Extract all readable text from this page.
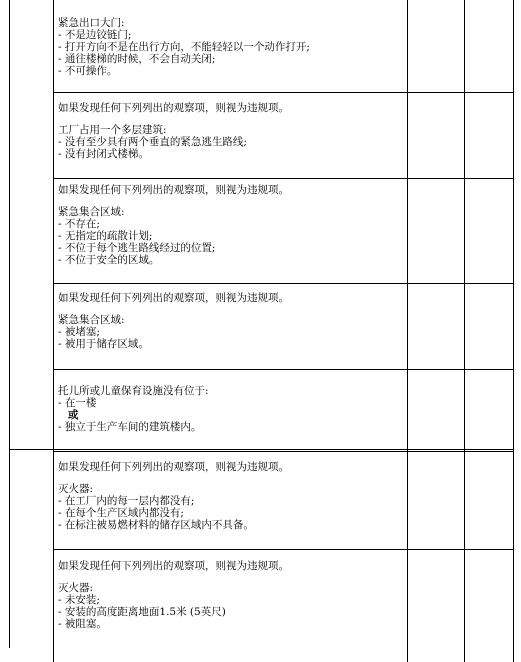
紧急出口大门:

- 不是边铰链门;

- 打开方向不是在出行方向，不能轻轻以一个动作打开;

- 通往楼梯的时候，不会自动关闭;

- 不可操作。

如果发现任何下列列出的观察项，则视为违规项。

工厂占用一个多层建筑:

- 没有至少具有两个垂直的紧急逃生路线;

- 没有封闭式楼梯。

如果发现任何下列列出的观察项，则视为违规项。

紧急集合区域:

- 不存在;

- 无指定的疏散计划;

- 不位于每个逃生路线经过的位置;

- 不位于安全的区域。

如果发现任何下列列出的观察项，则视为违规项。

紧急集合区域:

- 被堵塞;

- 被用于储存区域。

托儿所或儿童保育设施没有位于:

- 在一楼

或

- 独立于生产车间的建筑楼内。

如果发现任何下列列出的观察项，则视为违规项。

灭火器:

- 在工厂内的每一层内都没有;

- 在每个生产区域内都没有;

- 在标注被易燃材料的储存区域内不具备。

如果发现任何下列列出的观察项，则视为违规项。

灭火器:

- 未安装;

- 安装的高度距离地面1.5米 (5英尺)

- 被阻塞。
